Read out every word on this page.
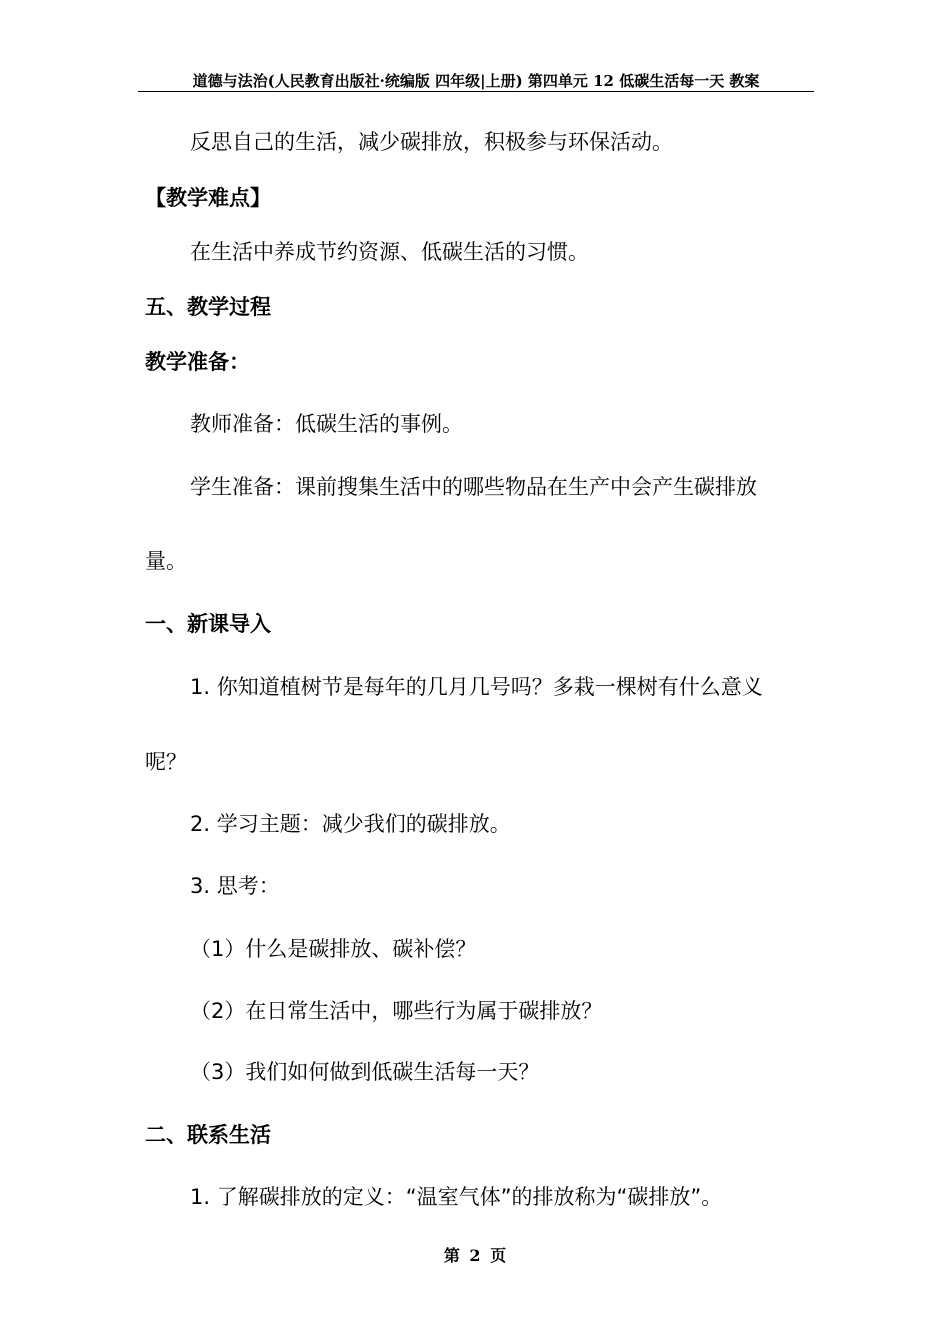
道德与法治(人民教育出版社·统编版 四年级|上册) 第四单元 12 低碳生活每一天 教案
反思自己的生活，减少碳排放，积极参与环保活动。
【教学难点】
在生活中养成节约资源、低碳生活的习惯。
五、教学过程
教学准备：
教师准备：低碳生活的事例。
学生准备：课前搜集生活中的哪些物品在生产中会产生碳排放
量。
一、新课导入
1. 你知道植树节是每年的几月几号吗？多栽一棵树有什么意义
呢？
2. 学习主题：减少我们的碳排放。
3. 思考：
（1）什么是碳排放、碳补偿？
（2）在日常生活中，哪些行为属于碳排放？
（3）我们如何做到低碳生活每一天？
二、联系生活
1. 了解碳排放的定义：“温室气体”的排放称为“碳排放”。
第 2 页
